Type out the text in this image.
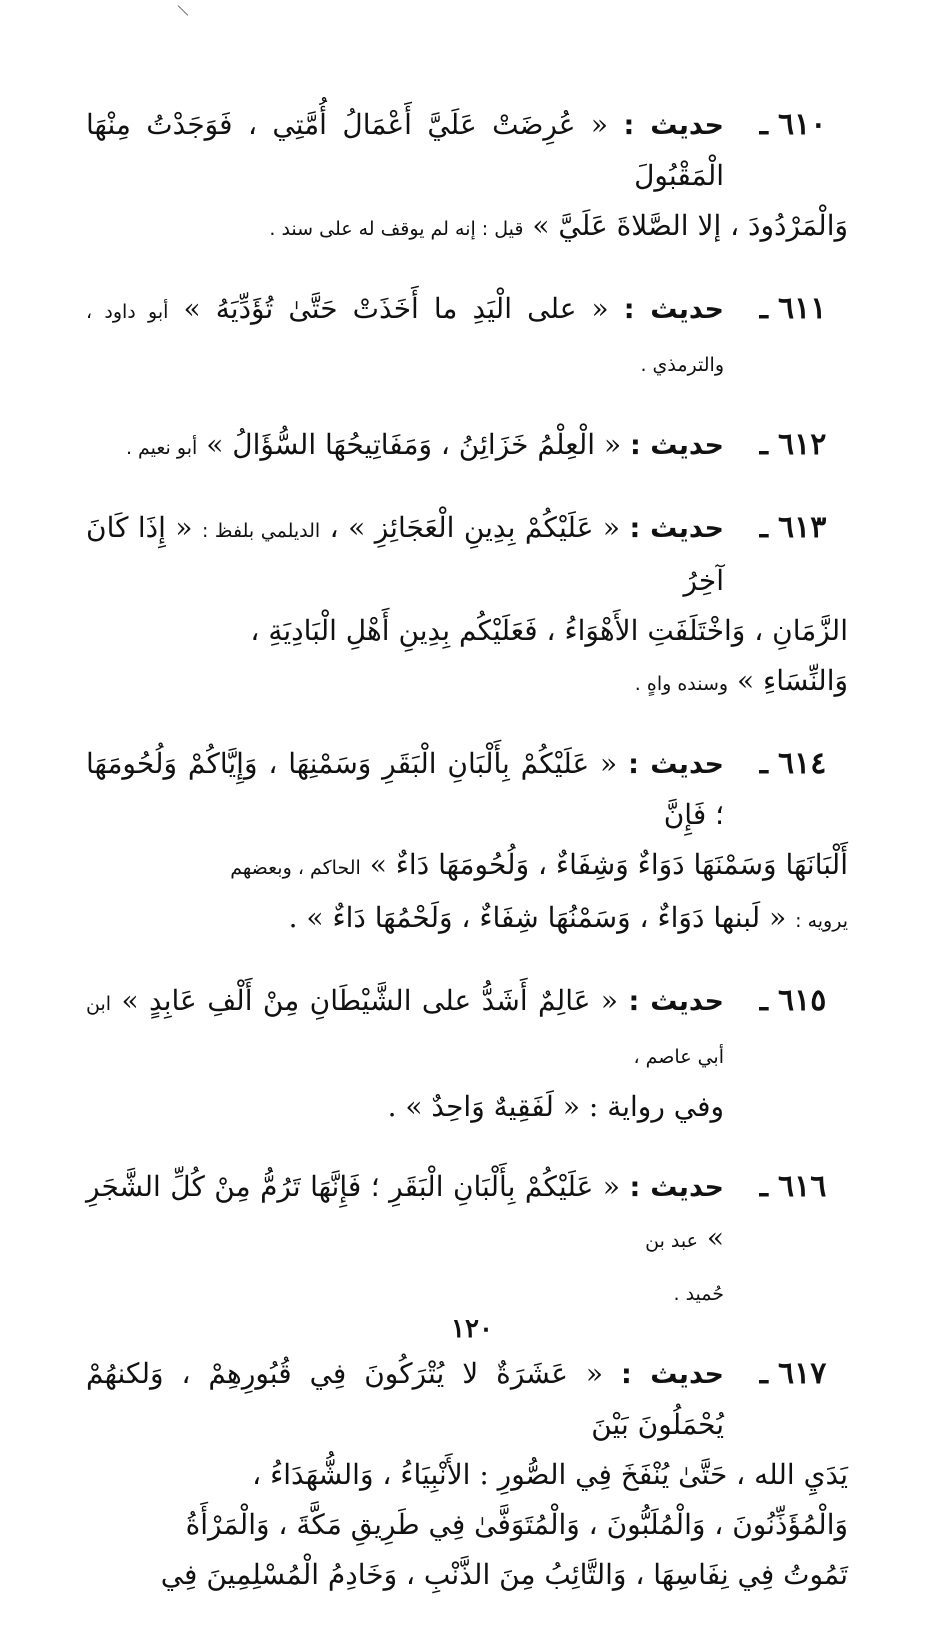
٦١٠
ـ
حديث : « عُرِضَتْ عَلَيَّ أَعْمَالُ أُمَّتِي ، فَوَجَدْتُ مِنْهَا الْمَقْبُولَ
وَالْمَرْدُودَ ، إلا الصَّلاةَ عَلَيَّ » قيل : إنه لم يوقف له على سند .
٦١١
ـ
حديث : « على الْيَدِ ما أَخَذَتْ حَتَّىٰ تُؤَدِّيَهُ » أبو داود ، والترمذي .
٦١٢
ـ
حديث : « الْعِلْمُ خَزَائِنُ ، وَمَفَاتِيحُهَا السُّؤَالُ » أبو نعيم .
٦١٣
ـ
حديث : « عَلَيْكُمْ بِدِينِ الْعَجَائِزِ » ، الديلمي بلفظ : « إِذَا كَانَ آخِرُ
الزَّمَانِ ، وَاخْتَلَفَتِ الأَهْوَاءُ ، فَعَلَيْكُم بِدِينِ أَهْلِ الْبَادِيَةِ ،
وَالنِّسَاءِ » وسنده واهٍ .
٦١٤
ـ
حديث : « عَلَيْكُمْ بِأَلْبَانِ الْبَقَرِ وَسَمْنِهَا ، وَإِيَّاكُمْ وَلُحُومَهَا ؛ فَإِنَّ
أَلْبَانَهَا وَسَمْنَهَا دَوَاءٌ وَشِفَاءٌ ، وَلُحُومَهَا دَاءٌ » الحاكم ، وبعضهم
يرويه : « لَبنها دَوَاءٌ ، وَسَمْنُهَا شِفَاءٌ ، وَلَحْمُهَا دَاءٌ » .
٦١٥
ـ
حديث : « عَالِمٌ أَشَدُّ على الشَّيْطَانِ مِنْ أَلْفِ عَابِدٍ » ابن أبي عاصم ،
وفي رواية : « لَفَقِيهٌ وَاحِدٌ » .
٦١٦
ـ
حديث : « عَلَيْكُمْ بِأَلْبَانِ الْبَقَرِ ؛ فَإِنَّهَا تَرُمُّ مِنْ كُلِّ الشَّجَرِ » عبد بن
حُميد .
٦١٧
ـ
حديث : « عَشَرَةٌ لا يُتْرَكُونَ فِي قُبُورِهِمْ ، وَلكنهُمْ يُحْمَلُونَ بَيْنَ
يَدَيِ الله ، حَتَّىٰ يُنْفَخَ فِي الصُّورِ : الأَنْبِيَاءُ ، وَالشُّهَدَاءُ ،
وَالْمُؤَذِّنُونَ ، وَالْمُلَبُّونَ ، وَالْمُتَوَفَّىٰ فِي طَرِيقِ مَكَّةَ ، وَالْمَرْأَةُ
تَمُوتُ فِي نِفَاسِهَا ، وَالتَّائِبُ مِنَ الذَّنْبِ ، وَخَادِمُ الْمُسْلِمِينَ فِي
١٢٠
